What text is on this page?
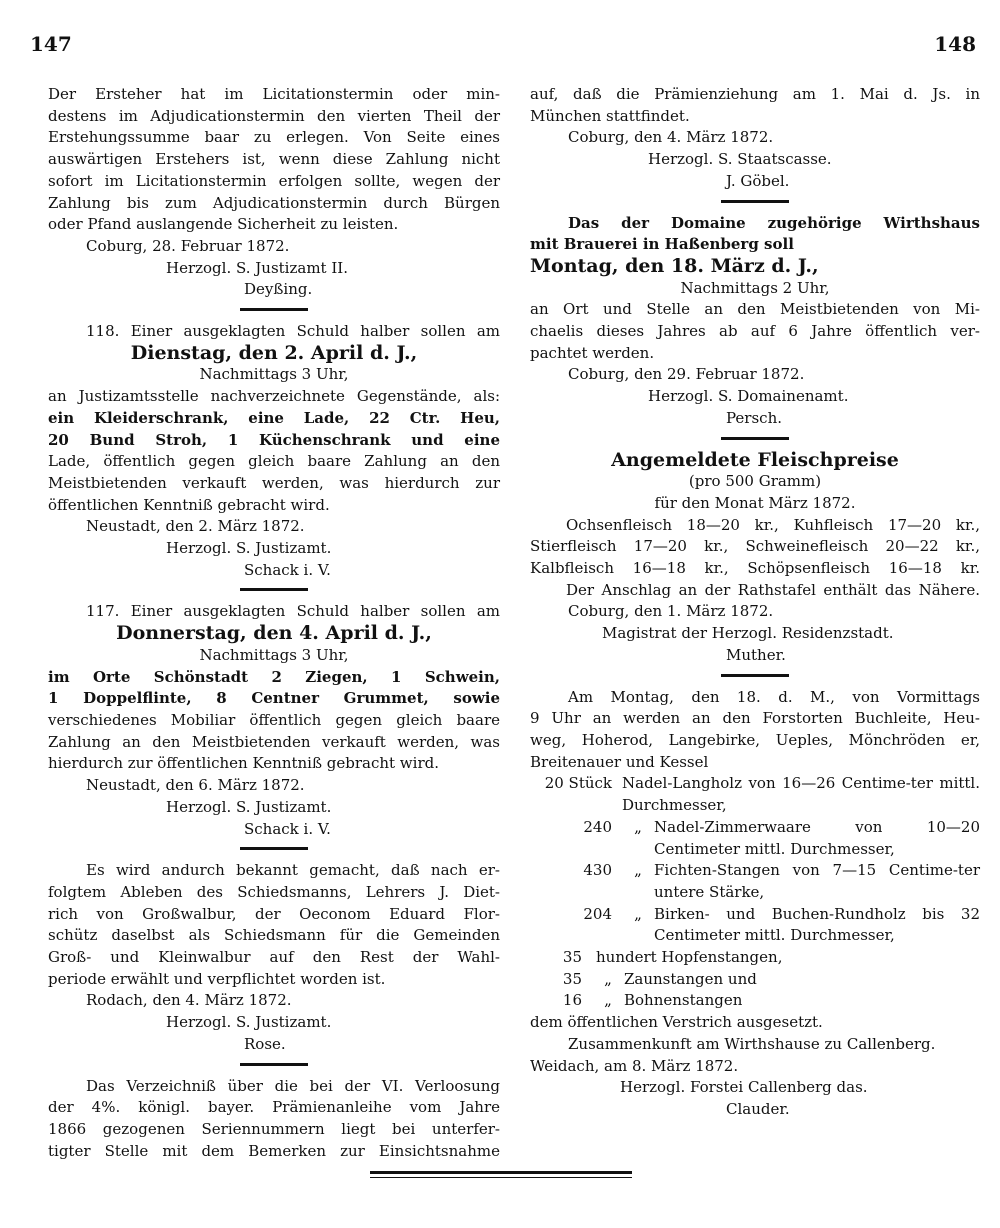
147	148

Der Ersteher hat im Licitationstermin oder min-

destens im Adjudicationstermin den vierten Theil der

Erstehungssumme baar zu erlegen. Von Seite eines

auswärtigen Erstehers ist, wenn diese Zahlung nicht

sofort im Licitationstermin erfolgen sollte, wegen der

Zahlung bis zum Adjudicationstermin durch Bürgen

oder Pfand auslangende Sicherheit zu leisten.

Coburg, 28. Februar 1872.

Herzogl. S. Justizamt II.

Deyßing.

118. Einer ausgeklagten Schuld halber sollen am

Dienstag, den 2. April d. J.,

Nachmittags 3 Uhr,

an Justizamtsstelle nachverzeichnete Gegenstände, als:

ein Kleiderschrank, eine Lade, 22 Ctr. Heu,

20 Bund Stroh, 1 Küchenschrank und eine

Lade, öffentlich gegen gleich baare Zahlung an den

Meistbietenden verkauft werden, was hierdurch zur

öffentlichen Kenntniß gebracht wird.

Neustadt, den 2. März 1872.

Herzogl. S. Justizamt.

Schack i. V.

117. Einer ausgeklagten Schuld halber sollen am

Donnerstag, den 4. April d. J.,

Nachmittags 3 Uhr,

im Orte Schönstadt 2 Ziegen, 1 Schwein,

1 Doppelflinte, 8 Centner Grummet, sowie

verschiedenes Mobiliar öffentlich gegen gleich baare

Zahlung an den Meistbietenden verkauft werden, was

hierdurch zur öffentlichen Kenntniß gebracht wird.

Neustadt, den 6. März 1872.

Herzogl. S. Justizamt.

Schack i. V.

Es wird andurch bekannt gemacht, daß nach er-

folgtem Ableben des Schiedsmanns, Lehrers J. Diet-

rich von Großwalbur, der Oeconom Eduard Flor-

schütz daselbst als Schiedsmann für die Gemeinden

Groß- und Kleinwalbur auf den Rest der Wahl-

periode erwählt und verpflichtet worden ist.

Rodach, den 4. März 1872.

Herzogl. S. Justizamt.

Rose.

Das Verzeichniß über die bei der VI. Verloosung

der 4%. königl. bayer. Prämienanleihe vom Jahre

1866 gezogenen Seriennummern liegt bei unterfer-

tigter Stelle mit dem Bemerken zur Einsichtsnahme

auf, daß die Prämienziehung am 1. Mai d. Js. in

München stattfindet.

Coburg, den 4. März 1872.

Herzogl. S. Staatscasse.

J. Göbel.

Das der Domaine zugehörige Wirthshaus

mit Brauerei in Haßenberg soll

Montag, den 18. März d. J.,

Nachmittags 2 Uhr,

an Ort und Stelle an den Meistbietenden von Mi-

chaelis dieses Jahres ab auf 6 Jahre öffentlich ver-

pachtet werden.

Coburg, den 29. Februar 1872.

Herzogl. S. Domainenamt.

Persch.

Angemeldete Fleischpreise

(pro 500 Gramm)

für den Monat März 1872.

Ochsenfleisch 18—20 kr., Kuhfleisch 17—20 kr.,

Stierfleisch 17—20 kr., Schweinefleisch 20—22 kr.,

Kalbfleisch 16—18 kr., Schöpsenfleisch 16—18 kr.

Der Anschlag an der Rathstafel enthält das Nähere.

Coburg, den 1. März 1872.

Magistrat der Herzogl. Residenzstadt.

Muther.

Am Montag, den 18. d. M., von Vormittags

9 Uhr an werden an den Forstorten Buchleite, Heu-

weg, Hoherod, Langebirke, Ueples, Mönchröden er,

Breitenauer und Kessel

20 Stück Nadel-Langholz von 16—26 Centime-ter mittl. Durchmesser,
240	„ Nadel-Zimmerwaare von 10—20 Centimeter mittl. Durchmesser,
430	„ Fichten-Stangen von 7—15 Centime-ter untere Stärke,
204	„ Birken- und Buchen-Rundholz bis 32 Centimeter mittl. Durchmesser,
35 hundert Hopfenstangen,
35	„ Zaunstangen und
16	„ Bohnenstangen

dem öffentlichen Verstrich ausgesetzt.

Zusammenkunft am Wirthshause zu Callenberg.

Weidach, am 8. März 1872.

Herzogl. Forstei Callenberg das.

Clauder.
